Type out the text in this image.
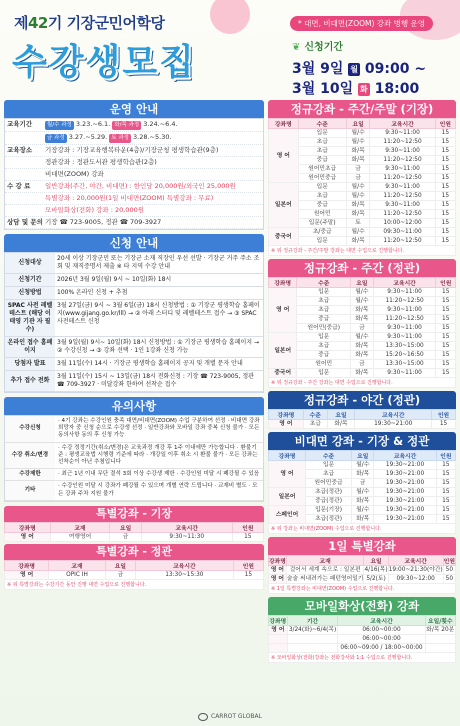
제42기 기장군민어학당
수강생모집
* 대면, 비대면(ZOOM) 강좌 병행 운영
❦ 신청기간
3월 9일 월 09:00 ~
3월 10일 화 18:00
운영 안내
교육기간	월/수 과정 3.23.~6.1. 화/목 과정 3.24.~6.4.
금 과정 3.27.~5.29. 토 과정 3.28.~5.30.
교육장소	기장강좌 : 기장교육행복타운(4층)/기장군청 평생학습관(9층)
정관강좌 : 정관도서관 평생학습관(2층)
비대면(ZOOM) 강좌
수 강 료	일반강좌(주간, 야간, 비대면) : 한인당 20,000원/외국인 25,000원
특별강좌 : 20,000원(1일 비대면(ZOOM) 특별강좌 : 무료)
모바일화상(전화) 강좌 : 20,000원
상담 및 문의 기장 ☎ 723-9005, 정관 ☎ 709-3927
신청 안내
신청대상
20세 이상 기장군민 또는 기장군 소재 직장인 우선 선발 · 기장군 거주 주소 조회 및 재직증명서 제출 ※ 타 지역 수강 안내
신청기간	2026년 3월 9일(월) 9시 ~ 10일(화) 18시
신청방법	100% 온라인 신청 + 추첨
SPAC 사전 레벨테스트 (해당 이태영 기관 자 필수)
3월 27일(금) 9시 ~ 3월 6일(금) 18시 신청방법 : ① 기장군 평생학습 홈페이지(www.gijang.go.kr/lll) → ② 아래 스터디 및 레벨테스트 접수 → ③ SPAC 사전테스트 신청
온라인 접수 홈페이지
3월 9일(월) 9시~ 10일(화) 18시 신청방법 : ① 기장군 평생학습 홈페이지 → ② 수강신청 → ③ 강좌 선택 · 1인 1강좌 신청 가능
당첨자 발표	3월 11일(수) 14시 · 기장군 평생학습 홈페이지 공지 및 개별 문자 안내
추가 접수 전화
3월 11일(수) 15시 ~ 13일(금) 18시 전화신청 : 기장 ☎ 723-9005, 정관 ☎ 709-3927 · 미달강좌 한하여 선착순 접수
유의사항
수강신청
· 4기 강좌는 수강인원 충족 대면/비대면(ZOOM) 수업 구분하여 선정 · 비대면 강좌 희망자 중 신청 순으로 수강생 선정 · 일반강좌와 모바일 강좌 중복 신청 불가 · 모든 동의사항 동의 후 신청 가능
수강 취소/변경
· 수강 정정기간(취소/변경)은 교육과정 개강 후 1주 이내에만 가능합니다 · 환불기준 : 평생교육법 시행령 기준에 따라 · 개강일 이후 취소 시 환불 불가 · 모든 강좌는 선착순이 아닌 추첨입니다
수강제한	· 최근 1년 이내 무단 결석 3회 이상 수강생 제한 · 수강인원 미달 시 폐강될 수 있음
기타
· 수강인원 미달 시 강좌가 폐강될 수 있으며 개별 연락 드립니다 · 교재비 별도 · 모든 강좌 주차 지원 불가
특별강좌 - 기장
강좌명	교재	요일	교육시간	인원
영 어	여행영어	금	9:30~11:30	15
특별강좌 - 정관
강좌명	교재	요일	교육시간	인원
영 어	OPIC IH	금	13:30~15:30	15
※ 위 특별강좌는 수강기간 동안 진행 대면 수업으로 진행합니다.
정규강좌 - 주간/주말 (기장)
강좌명	수준	요일	교육시간	인원
영 어	입문	월/수	9:30~11:00	15
	초급	월/수	11:20~12:50	15
	초급	화/목	9:30~11:00	15
	중급	화/목	11:20~12:50	15
	원어민초급	금	9:30~11:00	15
	원어민중급	금	11:20~12:50	15
일본어	입문	월/수	9:30~11:00	15
	초급	월/수	11:20~12:50	15
	중급	화/목	9:30~11:00	15
	원어민	화/목	11:20~12:50	15
	입문(주말)	토	10:00~12:00	15
중국어	초/중급	월/수	09:30~11:00	15
	입문	화/목	11:20~12:50	15
※ 위 정규강좌 - 주간/주말 강좌는 대면 수업으로 진행합니다.
정규강좌 - 주간 (정관)
강좌명	수준	요일	교육시간	인원
영 어	입문	월/수	9:30~11:00	15
	초급	월/수	11:20~12:50	15
	초급	화/목	9:30~11:00	15
	중급	화/목	11:20~12:50	15
	원어민(중급)	금	9:30~11:00	15
일본어	입문	월/수	9:30~11:00	15
	초급	화/목	13:30~15:00	15
	중급	화/목	15:20~16:50	15
	원어민	금	13:30~15:00	15
중국어	입문	화/목	9:30~11:00	15
※ 위 정규강좌 - 주간 강좌는 대면 수업으로 진행합니다.
정규강좌 - 야간 (정관)
강좌명	수준	요일	교육시간	인원
영 어	초급	화/목	19:30~21:00	15
비대면 강좌 - 기장 & 정관
강좌명	수준	요일	교육시간	인원
영 어	입문	월/수	19:30~21:00	15
	초급	화/목	19:30~21:00	15
	원어민중급	금	19:30~21:00	15
일본어	초급(정관)	월/수	19:30~21:00	15
	중급(정관)	화/목	19:30~21:00	15
스페인어	입문(기장)	월/수	19:30~21:00	15
	초급(정관)	화/목	19:30~21:00	15
※ 위 강좌는 비대면(ZOOM) 수업으로 진행합니다.
1일 특별강좌
강좌명	교재	요일	교육시간	인원
영 어	걸어서 세계 속으로 : 일본편	4/16(목)	19:00~21:30(야간)	50
영 어	술술 써내려가는 패턴영어일기	5/2(토)	09:30~12:00	50
※ 1일 특별강좌는 비대면(ZOOM) 수업으로 진행합니다.
모바일화상(전화) 강좌
강좌명	기간	교육시간	요일/횟수
영 어	3/24(화)~6/4(목)	06:00~00:00	화/목 20분
		06:00~00:00	
		06:00~09:00 / 18:00~00:00	
※ 모바일화상(전화)강좌는 전화강사와 1:1 수업으로 진행합니다.
CARROT GLOBAL
